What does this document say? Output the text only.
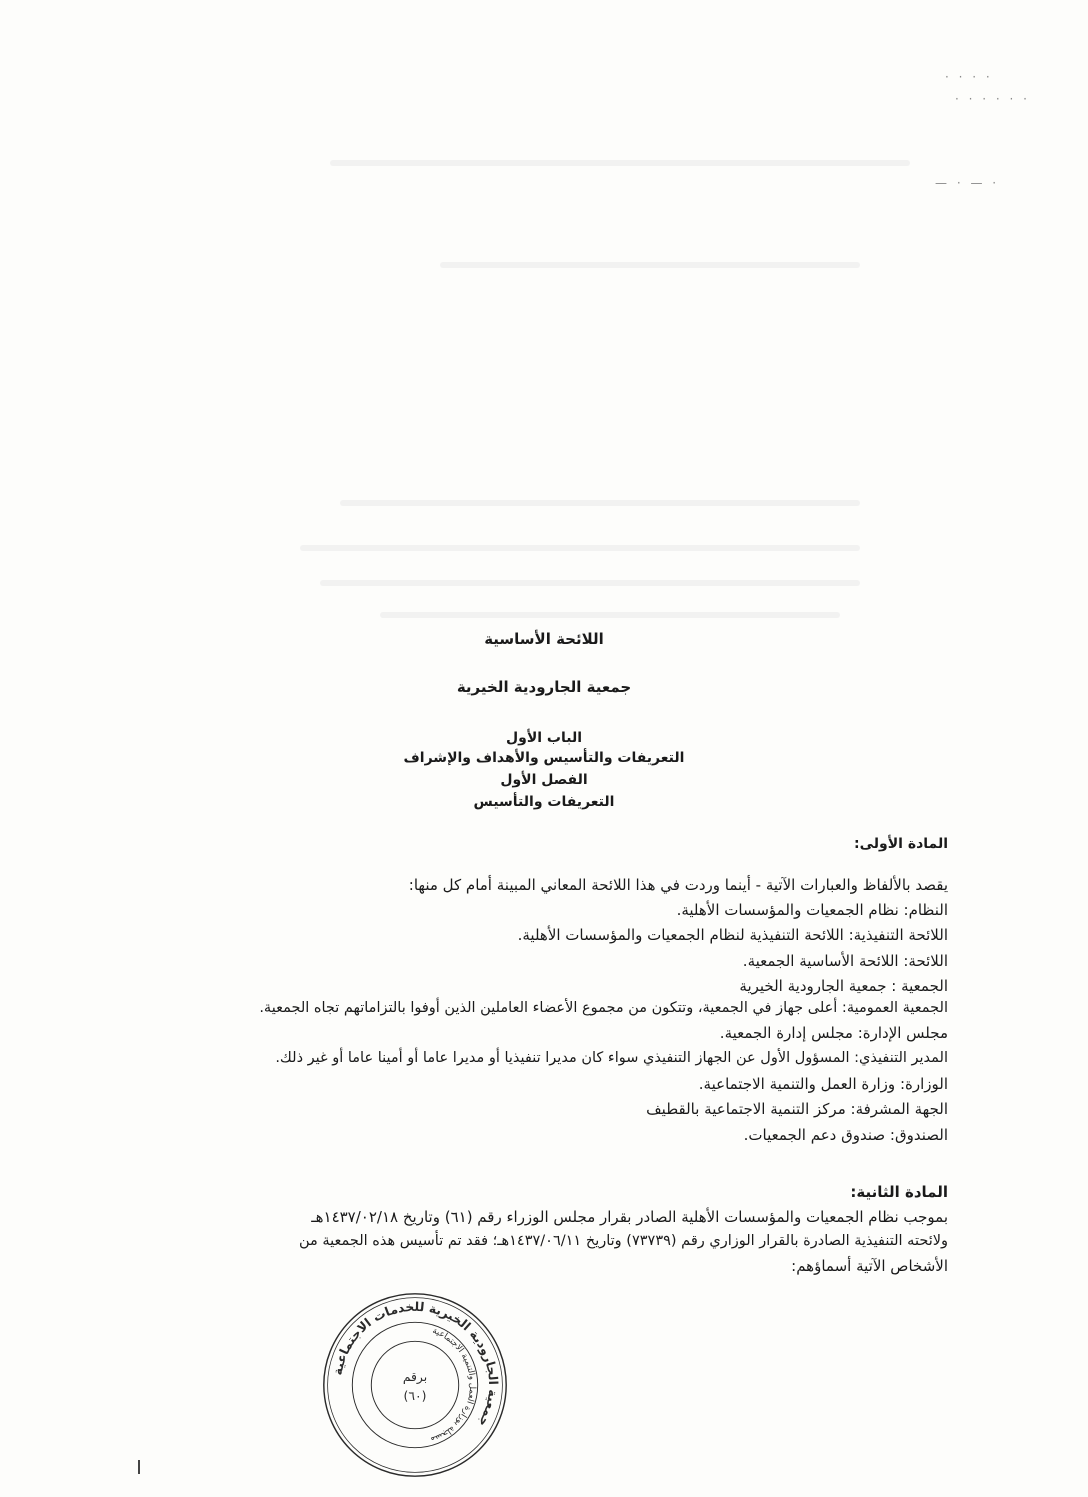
· · · ·
· · · · · ·
— · — ·
اللائحة الأساسية
جمعية الجارودية الخيرية
الباب الأول
التعريفات والتأسيس والأهداف والإشراف
الفصل الأول
التعريفات والتأسيس
المادة الأولى:
يقصد بالألفاظ والعبارات الآتية - أينما وردت في هذا اللائحة المعاني المبينة أمام كل منها:
النظام: نظام الجمعيات والمؤسسات الأهلية.
اللائحة التنفيذية: اللائحة التنفيذية لنظام الجمعيات والمؤسسات الأهلية.
اللائحة: اللائحة الأساسية الجمعية.
الجمعية : جمعية الجارودية الخيرية
الجمعية العمومية: أعلى جهاز في الجمعية، وتتكون من مجموع الأعضاء العاملين الذين أوفوا بالتزاماتهم تجاه الجمعية.
مجلس الإدارة: مجلس إدارة الجمعية.
المدير التنفيذي: المسؤول الأول عن الجهاز التنفيذي سواء كان مديرا تنفيذيا أو مديرا عاما أو أمينا عاما أو غير ذلك.
الوزارة: وزارة العمل والتنمية الاجتماعية.
الجهة المشرفة: مركز التنمية الاجتماعية بالقطيف
الصندوق: صندوق دعم الجمعيات.
المادة الثانية:
بموجب نظام الجمعيات والمؤسسات الأهلية الصادر بقرار مجلس الوزراء رقم (٦١) وتاريخ ١٤٣٧/٠٢/١٨هـ
ولائحته التنفيذية الصادرة بالقرار الوزاري رقم (٧٣٧٣٩) وتاريخ ١٤٣٧/٠٦/١١هـ؛ فقد تم تأسيس هذه الجمعية من
الأشخاص الآتية أسماؤهم:
جمعية الجارودية الخيرية للخدمات الاجتماعية
مسجلة بوزارة العمل والتنمية الاجتماعية
برقم
(٦٠)
